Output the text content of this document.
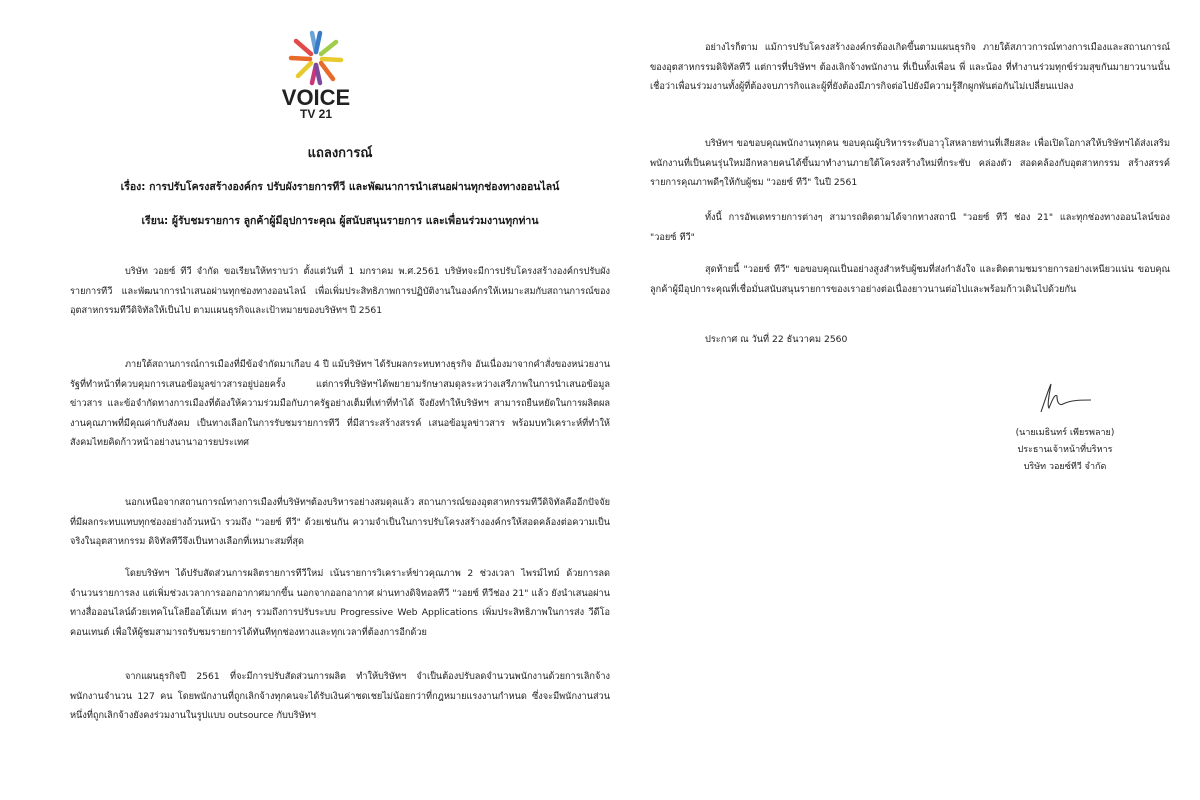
VOICE
TV 21
แถลงการณ์
เรื่อง: การปรับโครงสร้างองค์กร ปรับผังรายการทีวี และพัฒนาการนำเสนอผ่านทุกช่องทางออนไลน์
เรียน: ผู้รับชมรายการ ลูกค้าผู้มีอุปการะคุณ ผู้สนับสนุนรายการ และเพื่อนร่วมงานทุกท่าน
บริษัท วอยซ์ ทีวี จำกัด ขอเรียนให้ทราบว่า ตั้งแต่วันที่ 1 มกราคม พ.ศ.2561 บริษัทจะมีการปรับโครงสร้างองค์กรปรับผังรายการทีวี และพัฒนาการนำเสนอผ่านทุกช่องทางออนไลน์ เพื่อเพิ่มประสิทธิภาพการปฏิบัติงานในองค์กรให้เหมาะสมกับสถานการณ์ของอุตสาหกรรมทีวีดิจิทัลให้เป็นไป ตามแผนธุรกิจและเป้าหมายของบริษัทฯ ปี 2561
ภายใต้สถานการณ์การเมืองที่มีข้อจำกัดมาเกือบ 4 ปี แม้บริษัทฯ ได้รับผลกระทบทางธุรกิจ อันเนื่องมาจากคำสั่งของหน่วยงานรัฐที่ทำหน้าที่ควบคุมการเสนอข้อมูลข่าวสารอยู่บ่อยครั้ง แต่การที่บริษัทฯได้พยายามรักษาสมดุลระหว่างเสรีภาพในการนำเสนอข้อมูลข่าวสาร และข้อจำกัดทางการเมืองที่ต้องให้ความร่วมมือกับภาครัฐอย่างเต็มที่เท่าที่ทำได้ จึงยังทำให้บริษัทฯ สามารถยืนหยัดในการผลิตผลงานคุณภาพที่มีคุณค่ากับสังคม เป็นทางเลือกในการรับชมรายการทีวี ที่มีสาระสร้างสรรค์ เสนอข้อมูลข่าวสาร พร้อมบทวิเคราะห์ที่ทำให้สังคมไทยคิดก้าวหน้าอย่างนานาอารยประเทศ
นอกเหนือจากสถานการณ์ทางการเมืองที่บริษัทฯต้องบริหารอย่างสมดุลแล้ว สถานการณ์ของอุตสาหกรรมทีวีดิจิทัลคืออีกปัจจัยที่มีผลกระทบแทบทุกช่องอย่างถ้วนหน้า รวมถึง "วอยซ์ ทีวี" ด้วยเช่นกัน ความจำเป็นในการปรับโครงสร้างองค์กรให้สอดคล้องต่อความเป็นจริงในอุตสาหกรรม ดิจิทัลทีวีจึงเป็นทางเลือกที่เหมาะสมที่สุด
โดยบริษัทฯ ได้ปรับสัดส่วนการผลิตรายการทีวีใหม่ เน้นรายการวิเคราะห์ข่าวคุณภาพ 2 ช่วงเวลา ไพรม์ไทม์ ด้วยการลดจำนวนรายการลง แต่เพิ่มช่วงเวลาการออกอากาศมากขึ้น นอกจากออกอากาศ ผ่านทางดิจิทอลทีวี "วอยซ์ ทีวีช่อง 21" แล้ว ยังนำเสนอผ่านทางสื่อออนไลน์ด้วยเทคโนโลยีออโต้เมท ต่างๆ รวมถึงการปรับระบบ Progressive Web Applications เพิ่มประสิทธิภาพในการส่ง วีดีโอคอนเทนต์ เพื่อให้ผู้ชมสามารถรับชมรายการได้ทันทีทุกช่องทางและทุกเวลาที่ต้องการอีกด้วย
จากแผนธุรกิจปี 2561 ที่จะมีการปรับสัดส่วนการผลิต ทำให้บริษัทฯ จำเป็นต้องปรับลดจำนวนพนักงานด้วยการเลิกจ้างพนักงานจำนวน 127 คน โดยพนักงานที่ถูกเลิกจ้างทุกคนจะได้รับเงินค่าชดเชยไม่น้อยกว่าที่กฎหมายแรงงานกำหนด ซึ่งจะมีพนักงานส่วนหนึ่งที่ถูกเลิกจ้างยังคงร่วมงานในรูปแบบ outsource กับบริษัทฯ
อย่างไรก็ตาม แม้การปรับโครงสร้างองค์กรต้องเกิดขึ้นตามแผนธุรกิจ ภายใต้สภาวการณ์ทางการเมืองและสถานการณ์ของอุตสาหกรรมดิจิทัลทีวี แต่การที่บริษัทฯ ต้องเลิกจ้างพนักงาน ที่เป็นทั้งเพื่อน พี่ และน้อง ที่ทำงานร่วมทุกข์ร่วมสุขกันมายาวนานนั้น เชื่อว่าเพื่อนร่วมงานทั้งผู้ที่ต้องจบภารกิจและผู้ที่ยังต้องมีภารกิจต่อไปยังมีความรู้สึกผูกพันต่อกันไม่เปลี่ยนแปลง
บริษัทฯ ขอขอบคุณพนักงานทุกคน ขอบคุณผู้บริหารระดับอาวุโสหลายท่านที่เสียสละ เพื่อเปิดโอกาสให้บริษัทฯได้ส่งเสริมพนักงานที่เป็นคนรุ่นใหม่อีกหลายคนได้ขึ้นมาทำงานภายใต้โครงสร้างใหม่ที่กระชับ คล่องตัว สอดคล้องกับอุตสาหกรรม สร้างสรรค์รายการคุณภาพดีๆให้กับผู้ชม "วอยซ์ ทีวี" ในปี 2561
ทั้งนี้ การอัพเดทรายการต่างๆ สามารถติดตามได้จากทางสถานี "วอยซ์ ทีวี ช่อง 21" และทุกช่องทางออนไลน์ของ "วอยซ์ ทีวี"
สุดท้ายนี้ "วอยซ์ ทีวี" ขอขอบคุณเป็นอย่างสูงสำหรับผู้ชมที่ส่งกำลังใจ และติดตามชมรายการอย่างเหนียวแน่น ขอบคุณลูกค้าผู้มีอุปการะคุณที่เชื่อมั่นสนับสนุนรายการของเราอย่างต่อเนื่องยาวนานต่อไปและพร้อมก้าวเดินไปด้วยกัน
ประกาศ ณ วันที่ 22 ธันวาคม 2560
(นายเมธินทร์ เพียรพลาย)
ประธานเจ้าหน้าที่บริหาร
บริษัท วอยซ์ทีวี จำกัด
